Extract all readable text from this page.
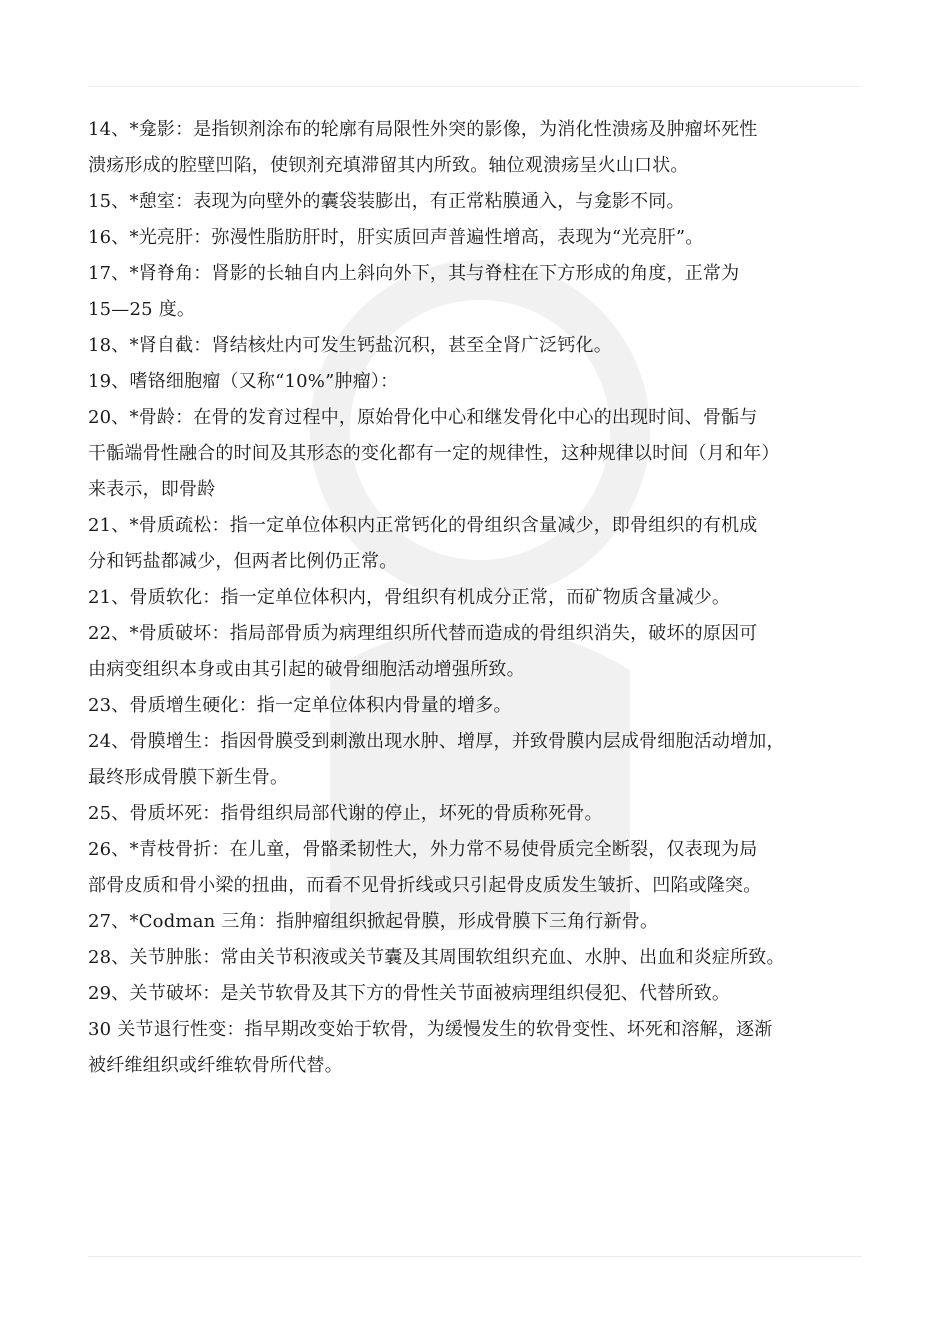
14、*龛影：是指钡剂涂布的轮廓有局限性外突的影像，为消化性溃疡及肿瘤坏死性
溃疡形成的腔壁凹陷，使钡剂充填滞留其内所致。轴位观溃疡呈火山口状。
15、*憩室：表现为向壁外的囊袋装膨出，有正常粘膜通入，与龛影不同。
16、*光亮肝：弥漫性脂肪肝时，肝实质回声普遍性增高，表现为“光亮肝”。
17、*肾脊角：肾影的长轴自内上斜向外下，其与脊柱在下方形成的角度，正常为
15—25 度。
18、*肾自截：肾结核灶内可发生钙盐沉积，甚至全肾广泛钙化。
19、嗜铬细胞瘤（又称“10%”肿瘤）：
20、*骨龄：在骨的发育过程中，原始骨化中心和继发骨化中心的出现时间、骨骺与
干骺端骨性融合的时间及其形态的变化都有一定的规律性，这种规律以时间（月和年）
来表示，即骨龄
21、*骨质疏松：指一定单位体积内正常钙化的骨组织含量减少，即骨组织的有机成
分和钙盐都减少，但两者比例仍正常。
21、骨质软化：指一定单位体积内，骨组织有机成分正常，而矿物质含量减少。
22、*骨质破坏：指局部骨质为病理组织所代替而造成的骨组织消失，破坏的原因可
由病变组织本身或由其引起的破骨细胞活动增强所致。
23、骨质增生硬化：指一定单位体积内骨量的增多。
24、骨膜增生：指因骨膜受到刺激出现水肿、增厚，并致骨膜内层成骨细胞活动增加，
最终形成骨膜下新生骨。
25、骨质坏死：指骨组织局部代谢的停止，坏死的骨质称死骨。
26、*青枝骨折：在儿童，骨骼柔韧性大，外力常不易使骨质完全断裂，仅表现为局
部骨皮质和骨小梁的扭曲，而看不见骨折线或只引起骨皮质发生皱折、凹陷或隆突。
27、*Codman 三角：指肿瘤组织掀起骨膜，形成骨膜下三角行新骨。
28、关节肿胀：常由关节积液或关节囊及其周围软组织充血、水肿、出血和炎症所致。
29、关节破坏：是关节软骨及其下方的骨性关节面被病理组织侵犯、代替所致。
30 关节退行性变：指早期改变始于软骨，为缓慢发生的软骨变性、坏死和溶解，逐渐
被纤维组织或纤维软骨所代替。
